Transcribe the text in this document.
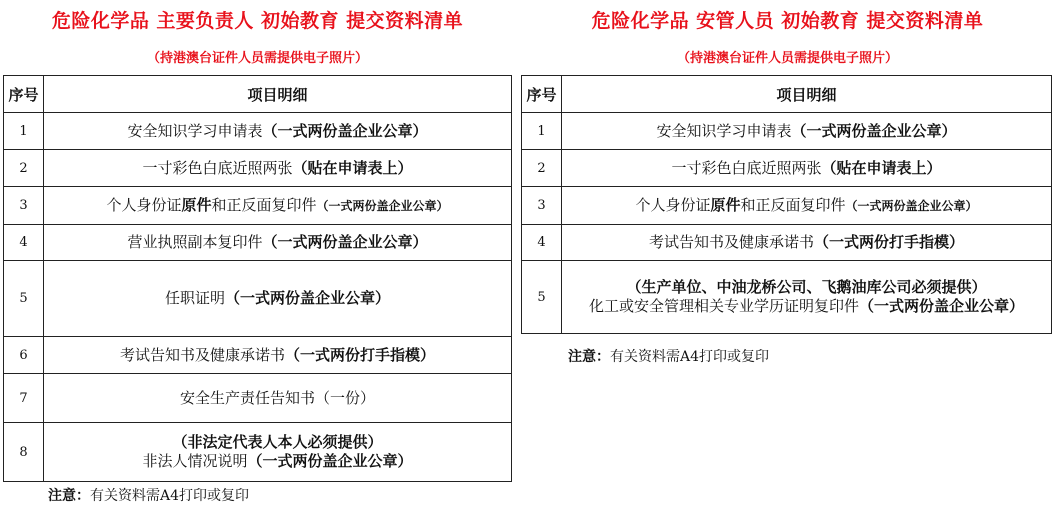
危险化学品 主要负责人 初始教育 提交资料清单
（持港澳台证件人员需提供电子照片）
序号	项目明细
1	安全知识学习申请表（一式两份盖企业公章）
2	一寸彩色白底近照两张（贴在申请表上）
3	个人身份证原件和正反面复印件（一式两份盖企业公章）
4	营业执照副本复印件（一式两份盖企业公章）
5	任职证明（一式两份盖企业公章）
6	考试告知书及健康承诺书（一式两份打手指模）
7	安全生产责任告知书（一份）
8	（非法定代表人本人必须提供）
非法人情况说明（一式两份盖企业公章）
注意：有关资料需A4打印或复印
危险化学品 安管人员 初始教育 提交资料清单
（持港澳台证件人员需提供电子照片）
序号	项目明细
1	安全知识学习申请表（一式两份盖企业公章）
2	一寸彩色白底近照两张（贴在申请表上）
3	个人身份证原件和正反面复印件（一式两份盖企业公章）
4	考试告知书及健康承诺书（一式两份打手指模）
5	（生产单位、中油龙桥公司、飞鹅油库公司必须提供）
化工或安全管理相关专业学历证明复印件（一式两份盖企业公章）
注意：有关资料需A4打印或复印
